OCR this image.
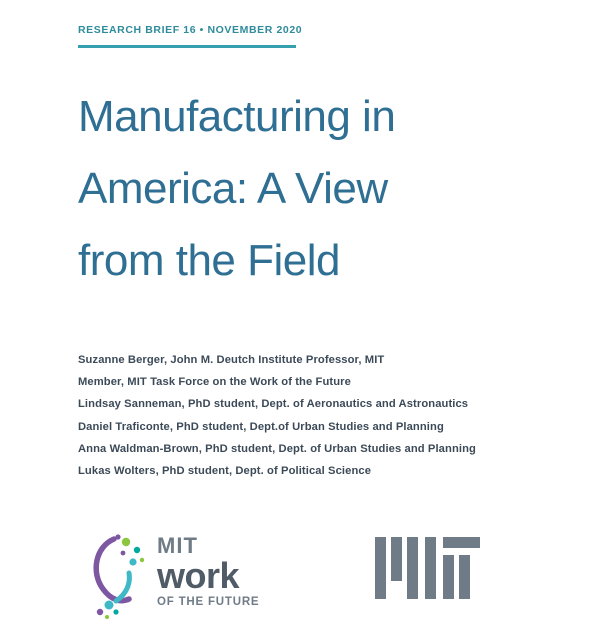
RESEARCH BRIEF 16 • NOVEMBER 2020
Manufacturing in
America: A View
from the Field
Suzanne Berger, John M. Deutch Institute Professor, MIT
Member, MIT Task Force on the Work of the Future
Lindsay Sanneman, PhD student, Dept. of Aeronautics and Astronautics
Daniel Traficonte, PhD student, Dept.of Urban Studies and Planning
Anna Waldman-Brown, PhD student, Dept. of Urban Studies and Planning
Lukas Wolters, PhD student, Dept. of Political Science
MIT
work
OF THE FUTURE
